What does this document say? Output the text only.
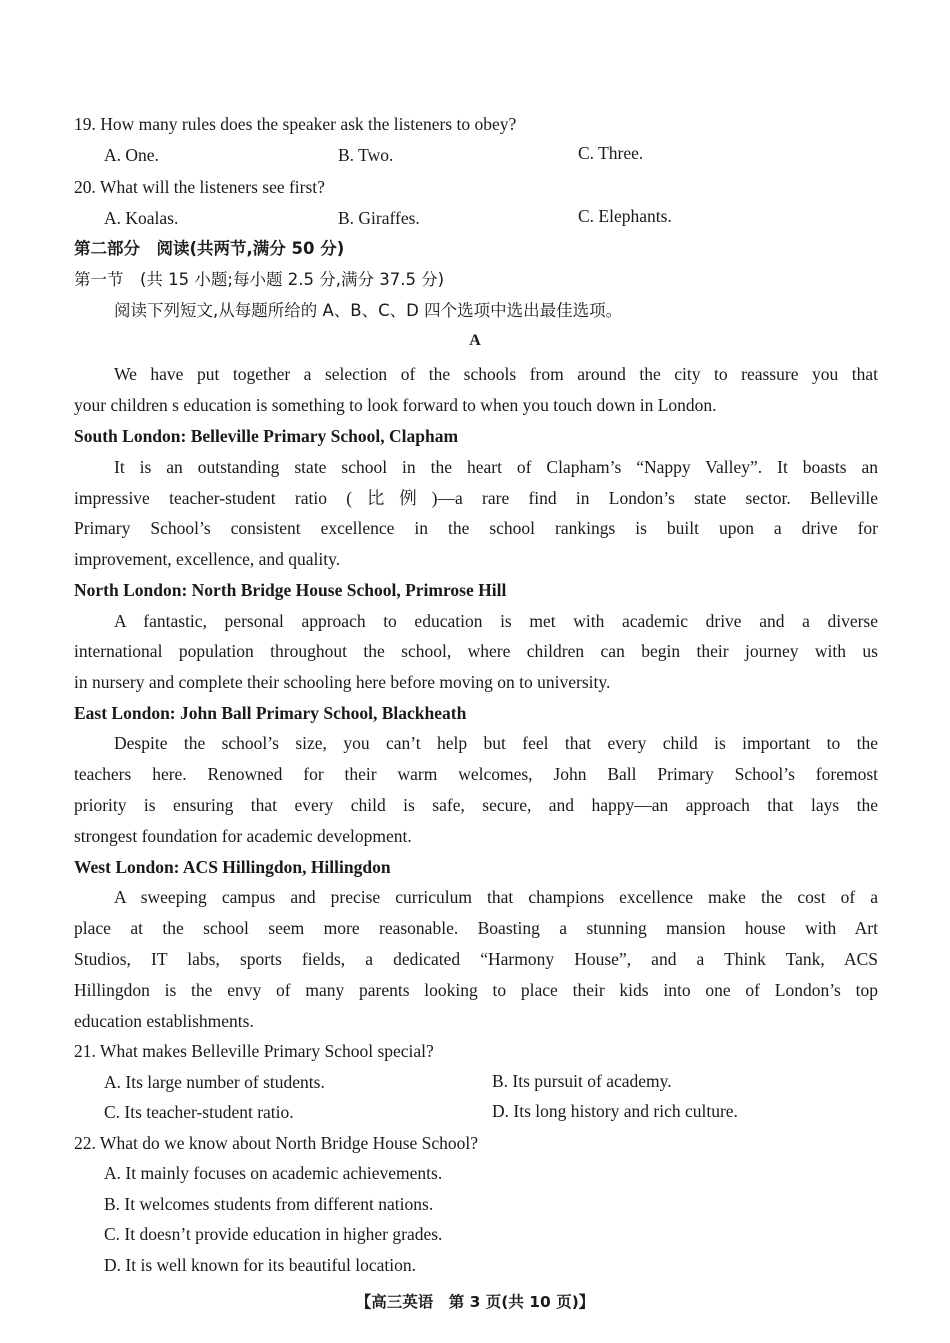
19. How many rules does the speaker ask the listeners to obey?
A. One.	B. Two.	C. Three.
20. What will the listeners see first?
A. Koalas.	B. Giraffes.	C. Elephants.
第二部分　阅读(共两节,满分 50 分)
第一节　(共 15 小题;每小题 2.5 分,满分 37.5 分)
阅读下列短文,从每题所给的 A、B、C、D 四个选项中选出最佳选项。
A
We have put together a selection of the schools from around the city to reassure you that
your children s education is something to look forward to when you touch down in London.
South London: Belleville Primary School, Clapham
It is an outstanding state school in the heart of Clapham’s “Nappy Valley”. It boasts an
impressive teacher-student ratio (比例)—a rare find in London’s state sector. Belleville
Primary School’s consistent excellence in the school rankings is built upon a drive for
improvement, excellence, and quality.
North London: North Bridge House School, Primrose Hill
A fantastic, personal approach to education is met with academic drive and a diverse
international population throughout the school, where children can begin their journey with us
in nursery and complete their schooling here before moving on to university.
East London: John Ball Primary School, Blackheath
Despite the school’s size, you can’t help but feel that every child is important to the
teachers here. Renowned for their warm welcomes, John Ball Primary School’s foremost
priority is ensuring that every child is safe, secure, and happy—an approach that lays the
strongest foundation for academic development.
West London: ACS Hillingdon, Hillingdon
A sweeping campus and precise curriculum that champions excellence make the cost of a
place at the school seem more reasonable. Boasting a stunning mansion house with Art
Studios, IT labs, sports fields, a dedicated “Harmony House”, and a Think Tank, ACS
Hillingdon is the envy of many parents looking to place their kids into one of London’s top
education establishments.
21. What makes Belleville Primary School special?
A. Its large number of students.	B. Its pursuit of academy.
C. Its teacher-student ratio.	D. Its long history and rich culture.
22. What do we know about North Bridge House School?
A. It mainly focuses on academic achievements.
B. It welcomes students from different nations.
C. It doesn’t provide education in higher grades.
D. It is well known for its beautiful location.
【高三英语　第 3 页(共 10 页)】
